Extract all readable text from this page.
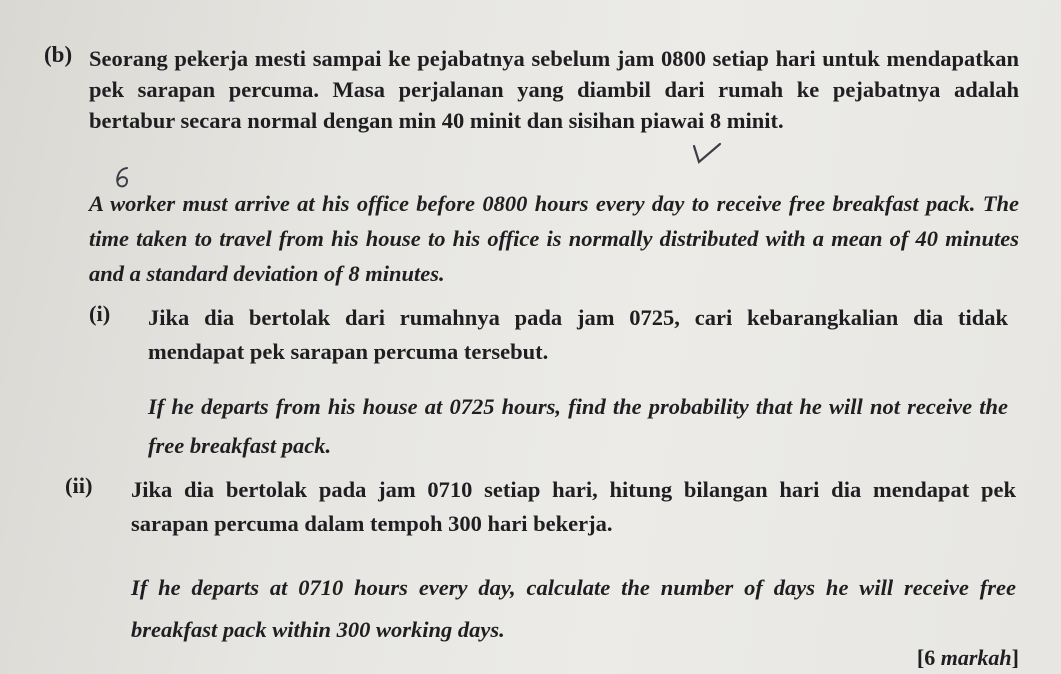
(b) Seorang pekerja mesti sampai ke pejabatnya sebelum jam 0800 setiap hari untuk mendapatkan pek sarapan percuma. Masa perjalanan yang diambil dari rumah ke pejabatnya adalah bertabur secara normal dengan min 40 minit dan sisihan piawai 8 minit.
A worker must arrive at his office before 0800 hours every day to receive free breakfast pack. The time taken to travel from his house to his office is normally distributed with a mean of 40 minutes and a standard deviation of 8 minutes.
(i) Jika dia bertolak dari rumahnya pada jam 0725, cari kebarangkalian dia tidak mendapat pek sarapan percuma tersebut.
If he departs from his house at 0725 hours, find the probability that he will not receive the free breakfast pack.
(ii) Jika dia bertolak pada jam 0710 setiap hari, hitung bilangan hari dia mendapat pek sarapan percuma dalam tempoh 300 hari bekerja.
If he departs at 0710 hours every day, calculate the number of days he will receive free breakfast pack within 300 working days.
[6 markah]
